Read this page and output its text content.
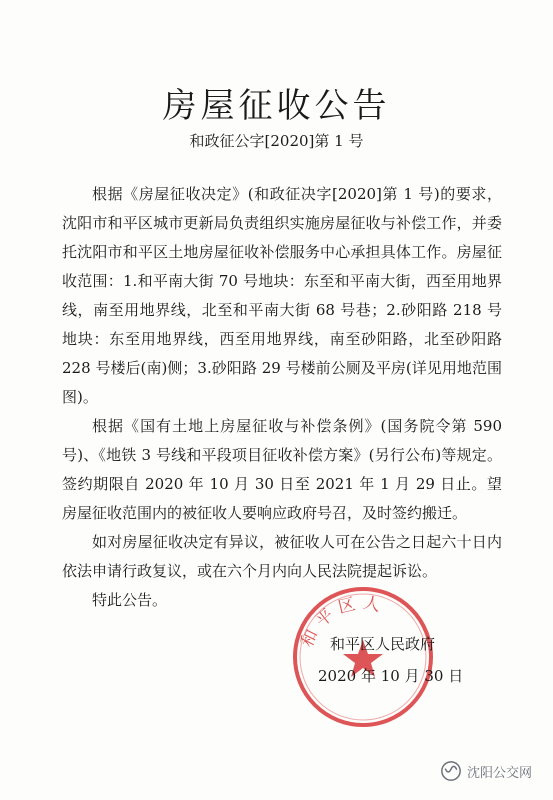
房屋征收公告
和政征公字[2020]第 1 号

根据《房屋征收决定》(和政征决字[2020]第 1 号)的要求，沈阳市和平区城市更新局负责组织实施房屋征收与补偿工作，并委托沈阳市和平区土地房屋征收补偿服务中心承担具体工作。房屋征收范围：1.和平南大街 70 号地块：东至和平南大街，西至用地界线，南至用地界线，北至和平南大街 68 号巷；2.砂阳路 218 号地块：东至用地界线，西至用地界线，南至砂阳路，北至砂阳路 228 号楼后(南)侧；3.砂阳路 29 号楼前公厕及平房(详见用地范围图)。

根据《国有土地上房屋征收与补偿条例》(国务院令第 590 号)、《地铁 3 号线和平段项目征收补偿方案》(另行公布)等规定。签约期限自 2020 年 10 月 30 日至 2021 年 1 月 29 日止。望房屋征收范围内的被征收人要响应政府号召，及时签约搬迁。

如对房屋征收决定有异议，被征收人可在公告之日起六十日内依法申请行政复议，或在六个月内向人民法院提起诉讼。

特此公告。

和平区人
和平区人民政府
2020 年 10 月 30 日
沈阳公交网
